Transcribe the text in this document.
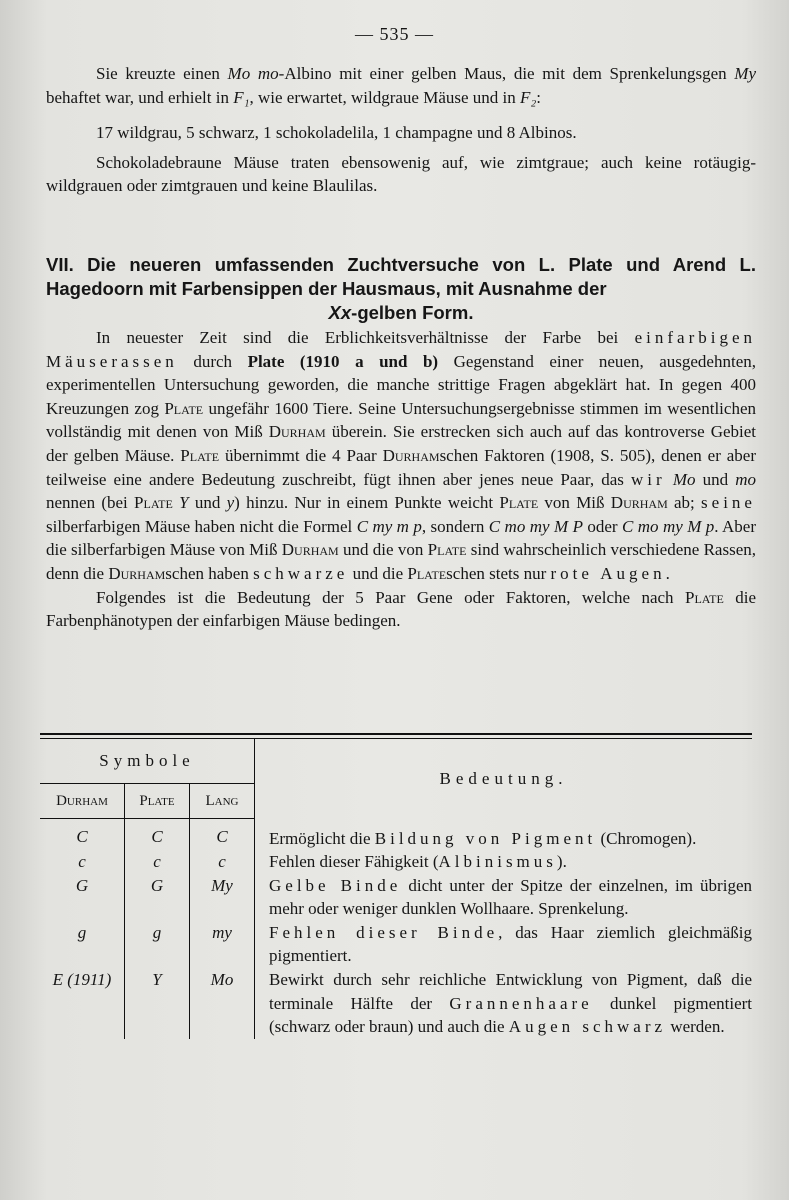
— 535 —

Sie kreuzte einen Mo mo-Albino mit einer gelben Maus, die mit dem Sprenkelungsgen My behaftet war, und erhielt in F₁, wie erwartet, wildgraue Mäuse und in F₂:

17 wildgrau, 5 schwarz, 1 schokoladelila, 1 champagne und 8 Albinos.

Schokoladebraune Mäuse traten ebensowenig auf, wie zimtgraue; auch keine rotäugig-wildgrauen oder zimtgrauen und keine Blaulilas.

VII. Die neueren umfassenden Zuchtversuche von L. Plate und Arend L. Hagedoorn mit Farbensippen der Hausmaus, mit Ausnahme der
Xx-gelben Form.

In neuester Zeit sind die Erblichkeitsverhältnisse der Farbe bei einfarbigen Mäuserassen durch Plate (1910 a und b) Gegenstand einer neuen, ausgedehnten, experimentellen Untersuchung geworden, die manche strittige Fragen abgeklärt hat. In gegen 400 Kreuzungen zog Plate ungefähr 1600 Tiere. Seine Untersuchungsergebnisse stimmen im wesentlichen vollständig mit denen von Miß Durham überein. Sie erstrecken sich auch auf das kontroverse Gebiet der gelben Mäuse. Plate übernimmt die 4 Paar Durhamschen Faktoren (1908, S. 505), denen er aber teilweise eine andere Bedeutung zuschreibt, fügt ihnen aber jenes neue Paar, das wir Mo und mo nennen (bei Plate Y und y) hinzu. Nur in einem Punkte weicht Plate von Miß Durham ab; seine silberfarbigen Mäuse haben nicht die Formel C my m p, sondern C mo my M P oder C mo my M p. Aber die silberfarbigen Mäuse von Miß Durham und die von Plate sind wahrscheinlich verschiedene Rassen, denn die Durhamschen haben schwarze und die Plateschen stets nur rote Augen.

Folgendes ist die Bedeutung der 5 Paar Gene oder Faktoren, welche nach Plate die Farbenphänotypen der einfarbigen Mäuse bedingen.

Symbole			Bedeutung.
Durham	Plate	Lang	
C	C	C	Ermöglicht die Bildung von Pigment (Chromogen).
c	c	c	Fehlen dieser Fähigkeit (Albinismus).
G	G	My	Gelbe Binde dicht unter der Spitze der einzelnen, im übrigen mehr oder weniger dunklen Wollhaare. Sprenkelung.
g	g	my	Fehlen dieser Binde, das Haar ziemlich gleichmäßig pigmentiert.
E (1911)	Y	Mo	Bewirkt durch sehr reichliche Entwicklung von Pigment, daß die terminale Hälfte der Grannenhaare dunkel pigmentiert (schwarz oder braun) und auch die Augen schwarz werden.
